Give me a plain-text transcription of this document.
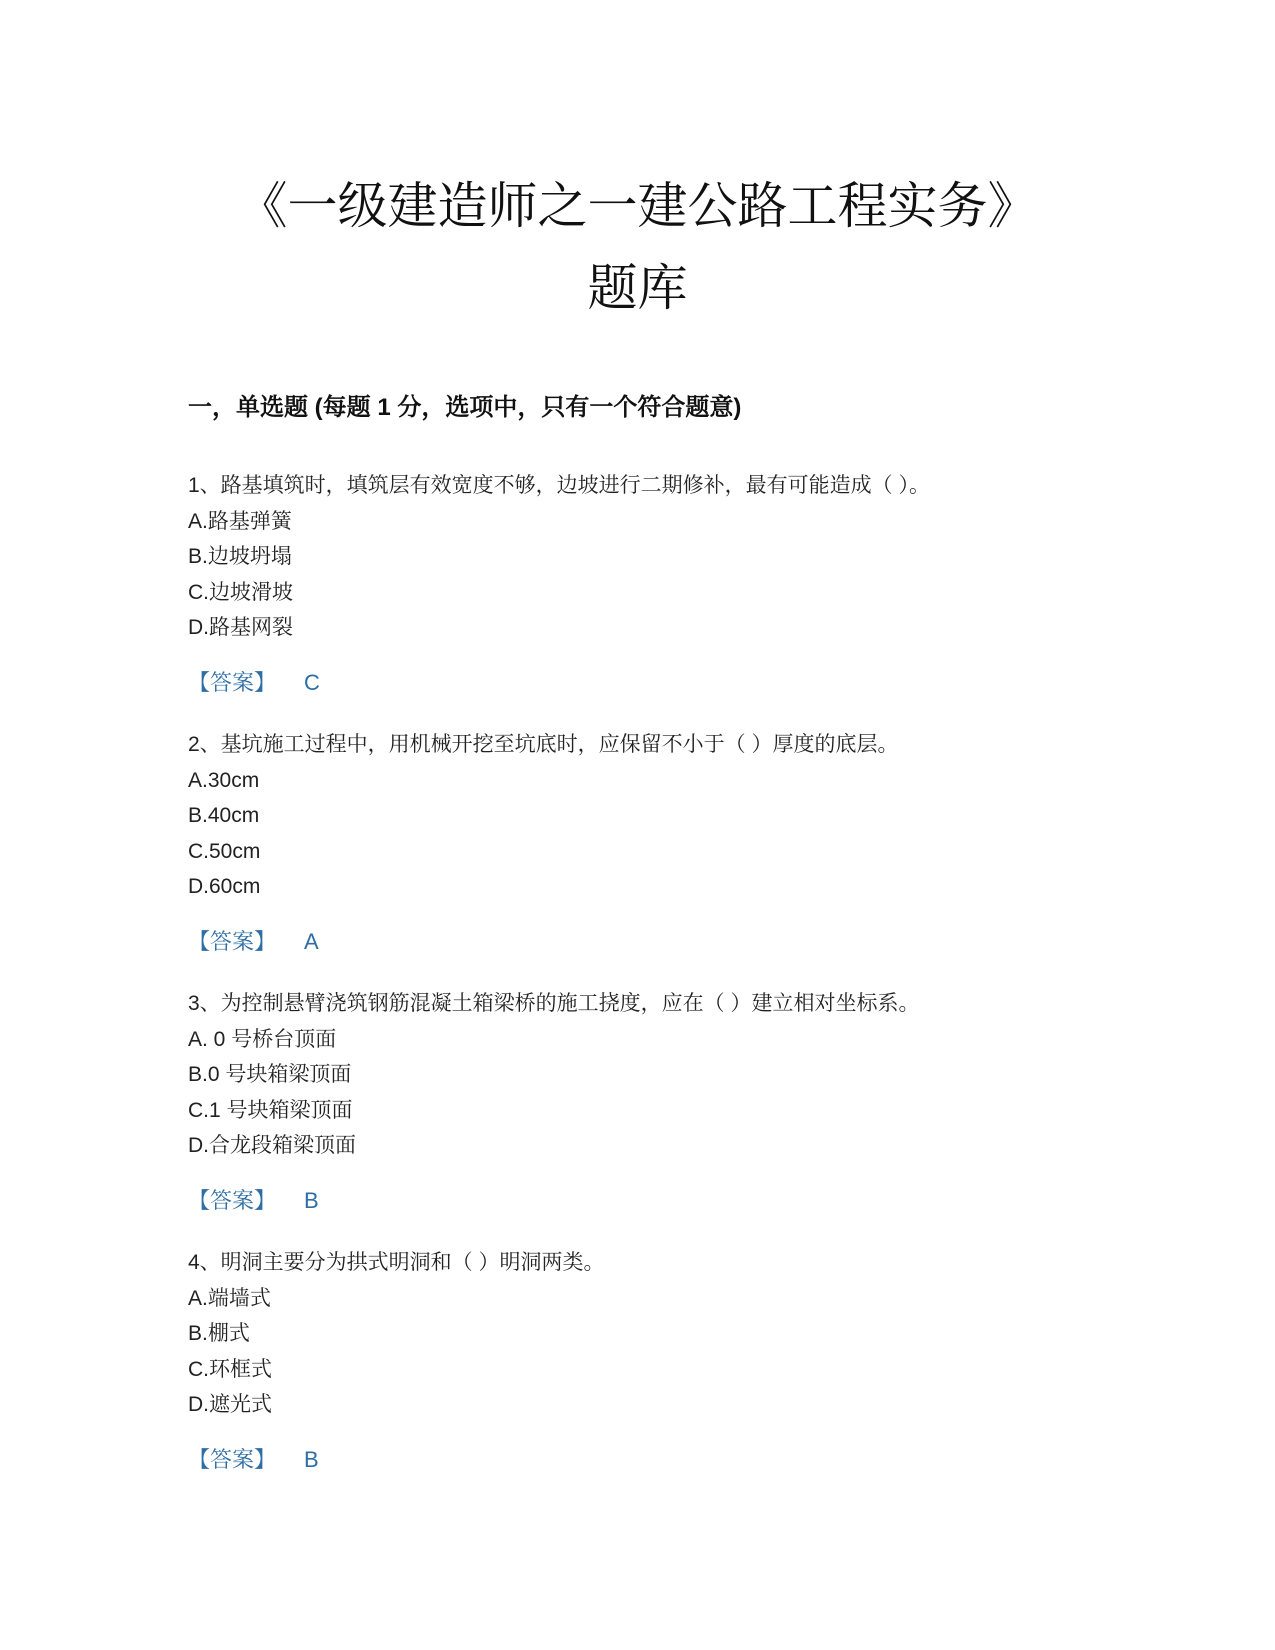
《一级建造师之一建公路工程实务》
题库
一，单选题 (每题 1 分，选项中，只有一个符合题意)

1、路基填筑时，填筑层有效宽度不够，边坡进行二期修补，最有可能造成（ ）。

A.路基弹簧

B.边坡坍塌

C.边坡滑坡

D.路基网裂

【答案】 C

2、基坑施工过程中，用机械开挖至坑底时，应保留不小于（ ）厚度的底层。

A.30cm

B.40cm

C.50cm

D.60cm

【答案】 A

3、为控制悬臂浇筑钢筋混凝土箱梁桥的施工挠度，应在（ ）建立相对坐标系。

A. 0 号桥台顶面

B.0 号块箱梁顶面

C.1 号块箱梁顶面

D.合龙段箱梁顶面

【答案】 B

4、明洞主要分为拱式明洞和（ ）明洞两类。

A.端墙式

B.棚式

C.环框式

D.遮光式

【答案】 B
